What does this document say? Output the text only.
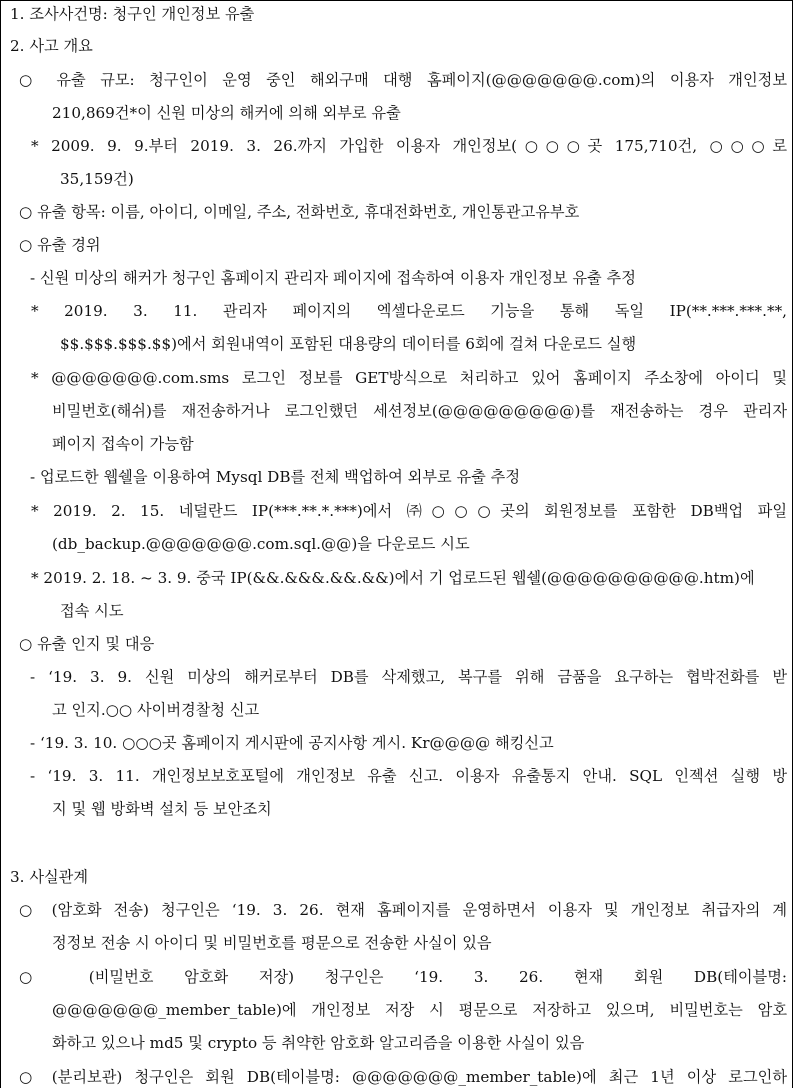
1. 조사사건명: 청구인 개인정보 유출
2. 사고 개요
○ 유출 규모: 청구인이 운영 중인 해외구매 대행 홈페이지(@@@@@@@.com)의 이용자 개인정보
210,869건*이 신원 미상의 해커에 의해 외부로 유출
* 2009. 9. 9.부터 2019. 3. 26.까지 가입한 이용자 개인정보(○○○곳 175,710건, ○○○로
35,159건)
○ 유출 항목: 이름, 아이디, 이메일, 주소, 전화번호, 휴대전화번호, 개인통관고유부호
○ 유출 경위
- 신원 미상의 해커가 청구인 홈페이지 관리자 페이지에 접속하여 이용자 개인정보 유출 추정
* 2019. 3. 11. 관리자 페이지의 엑셀다운로드 기능을 통해 독일 IP(**.***.***.**,
$$.$$$.$$$.$$)에서 회원내역이 포함된 대용량의 데이터를 6회에 걸쳐 다운로드 실행
* @@@@@@@.com.sms 로그인 정보를 GET방식으로 처리하고 있어 홈페이지 주소창에 아이디 및
비밀번호(해쉬)를 재전송하거나 로그인했던 세션정보(@@@@@@@@@)를 재전송하는 경우 관리자
페이지 접속이 가능함
- 업로드한 웹쉘을 이용하여 Mysql DB를 전체 백업하여 외부로 유출 추정
* 2019. 2. 15. 네덜란드 IP(***.**.*.***)에서 ㈜○○○곳의 회원정보를 포함한 DB백업 파일
(db_backup.@@@@@@@.com.sql.@@)을 다운로드 시도
* 2019. 2. 18. ~ 3. 9. 중국 IP(&&.&&&.&&.&&)에서 기 업로드된 웹쉘(@@@@@@@@@@.htm)에
접속 시도
○ 유출 인지 및 대응
- ‘19. 3. 9. 신원 미상의 해커로부터 DB를 삭제했고, 복구를 위해 금품을 요구하는 협박전화를 받
고 인지.○○ 사이버경찰청 신고
- ‘19. 3. 10. ○○○곳 홈페이지 게시판에 공지사항 게시. Kr@@@@ 해킹신고
- ‘19. 3. 11. 개인정보보호포털에 개인정보 유출 신고. 이용자 유출통지 안내. SQL 인젝션 실행 방
지 및 웹 방화벽 설치 등 보안조치
3. 사실관계
○ (암호화 전송) 청구인은 ‘19. 3. 26. 현재 홈페이지를 운영하면서 이용자 및 개인정보 취급자의 계
정정보 전송 시 아이디 및 비밀번호를 평문으로 전송한 사실이 있음
○ (비밀번호 암호화 저장) 청구인은 ‘19. 3. 26. 현재 회원 DB(테이블명:
@@@@@@@_member_table)에 개인정보 저장 시 평문으로 저장하고 있으며, 비밀번호는 암호
화하고 있으나 md5 및 crypto 등 취약한 암호화 알고리즘을 이용한 사실이 있음
○ (분리보관) 청구인은 회원 DB(테이블명: @@@@@@@_member_table)에 최근 1년 이상 로그인하
